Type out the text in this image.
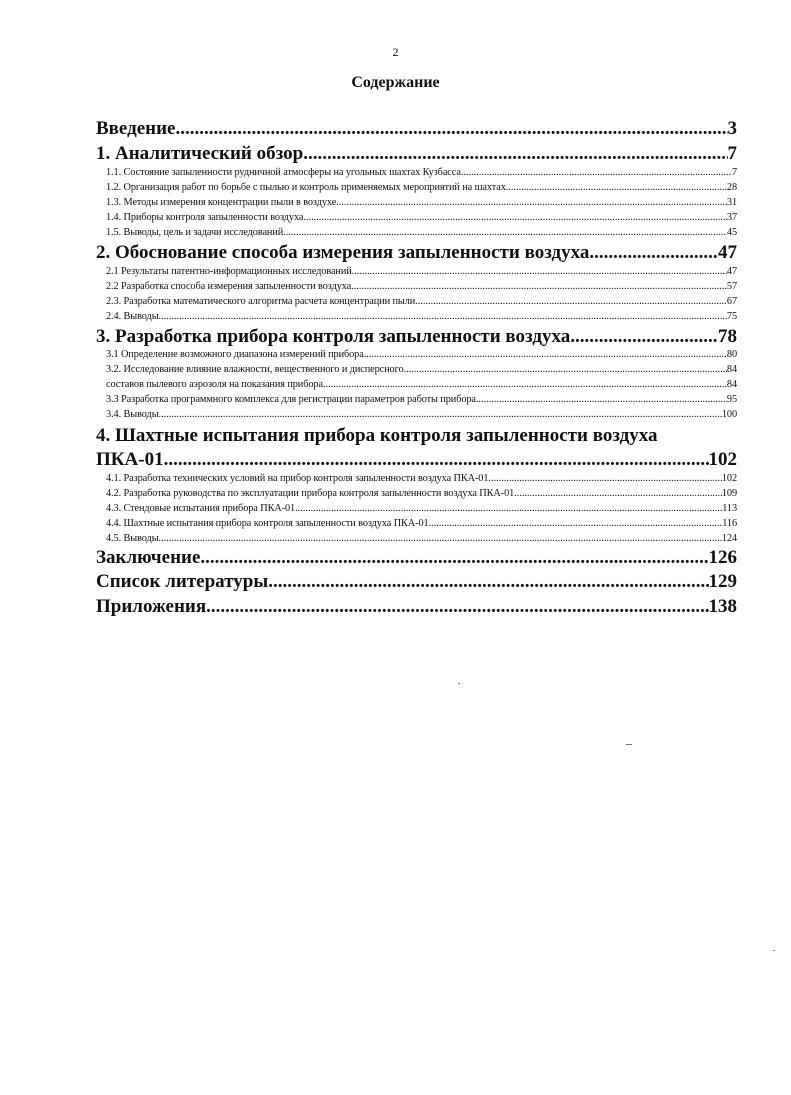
2
Содержание
Введение .....	3
1. Аналитический обзор .....	7
1.1. Состояние запыленности рудничной атмосферы на угольных шахтах Кузбасса .....	7
1.2. Организация работ по борьбе с пылью и контроль применяемых мероприятий на шахтах .....	28
1.3. Методы измерения концентрации пыли в воздухе .....	31
1.4. Приборы контроля запыленности воздуха .....	37
1.5. Выводы, цель и задачи исследований .....	45
2. Обоснование способа измерения запыленности воздуха .....	47
2.1 Результаты патентно-информационных исследований .....	47
2.2 Разработка способа измерения запыленности воздуха .....	57
2.3. Разработка математического алгоритма расчета концентрации пыли .....	67
2.4. Выводы .....	75
3. Разработка прибора контроля запыленности воздуха .....	78
3.1 Определение возможного диапазона измерений прибора .....	80
3.2. Исследование влияние влажности, вещественного и дисперсного .....	84
составов пылевого аэрозоля на показания прибора .....	84
3.3 Разработка программного комплекса для регистрации параметров работы прибора .....	95
3.4. Выводы .....	100
4. Шахтные испытания прибора контроля запыленности воздуха
ПКА-01 .....	102
4.1. Разработка технических условий на прибор контроля запыленности воздуха ПКА-01 .....	102
4.2. Разработка руководства по эксплуатации прибора контроля запыленности воздуха ПКА-01 .....	109
4.3. Стендовые испытания прибора ПКА-01 .....	113
4.4. Шахтные испытания прибора контроля запыленности воздуха ПКА-01 .....	116
4.5. Выводы .....	124
Заключение .....	126
Список литературы .....	129
Приложения .....	138
